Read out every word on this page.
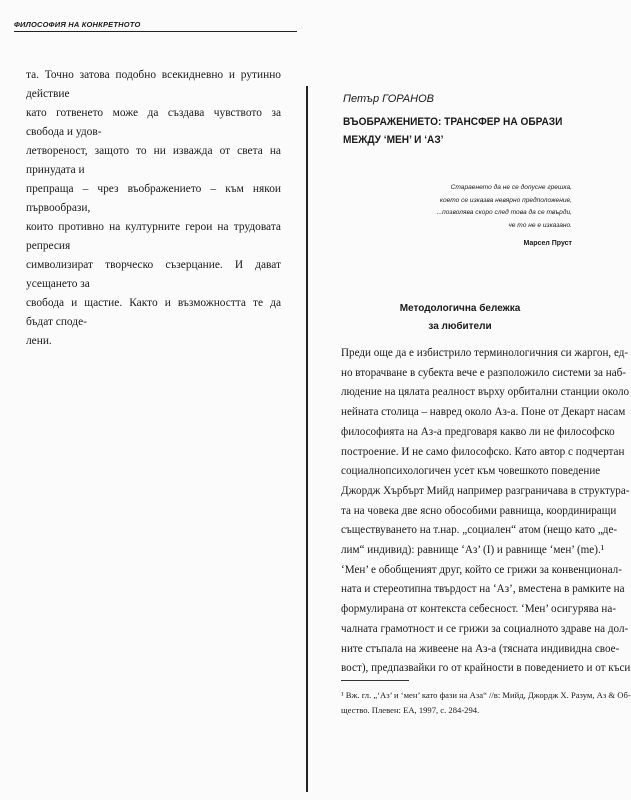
ФИЛОСОФИЯ НА КОНКРЕТНОТО
та. Точно затова подобно всекидневно и рутинно действие
като готвенето може да създава чувството за свобода и удов-
летвореност, защото то ни изважда от света на принудата и
препраща – чрез въображението – към някои първообрази,
които противно на културните герои на трудовата репресия
символизират творческо съзерцание. И дават усещането за
свобода и щастие. Както и възможността те да бъдат споде-
лени.
Петър ГОРАНОВ
ВЪОБРАЖЕНИЕТО: ТРАНСФЕР НА ОБРАЗИ
МЕЖДУ ‘МЕН’ И ‘АЗ’
Стараенето да не се допусне грешка,
което се изказва невярно предположение,
...позволява скоро след това да се твърди,
че то не е изказано.
Марсел Пруст
Методологична бележка
за любители
Преди още да е избистрило терминологичния си жаргон, ед-
но вторачване в субекта вече е разположило системи за наб-
людение на цялата реалност върху орбитални станции около
нейната столица – навред около Аз-а. Поне от Декарт насам
философията на Аз-а предговаря какво ли не философско
построение. И не само философско. Като автор с подчертан
социалнопсихологичен усет към човешкото поведение
Джордж Хърбърт Мийд например разграничава в структура-
та на човека две ясно обособими равнища, координиращи
съществуването на т.нар. „социален“ атом (нещо като „де-
лим“ индивид): равнище ‘Аз’ (I) и равнище ‘мен’ (me).¹
‘Мен’ е обобщеният друг, който се грижи за конвенционал-
ната и стереотипна твърдост на ‘Аз’, вместена в рамките на
формулирана от контекста себесност. ‘Мен’ осигурява на-
чалната грамотност и се грижи за социалното здраве на дол-
ните стъпала на живеене на Аз-а (тясната индивидна свое-
вост), предпазвайки го от крайности в поведението и от къси
¹ Вж. гл. „‘Аз’ и ‘мен’ като фази на Аза“ //в: Мийд, Джордж Х. Разум, Аз & Об-
щество. Плевен: ЕА, 1997, с. 284-294.
